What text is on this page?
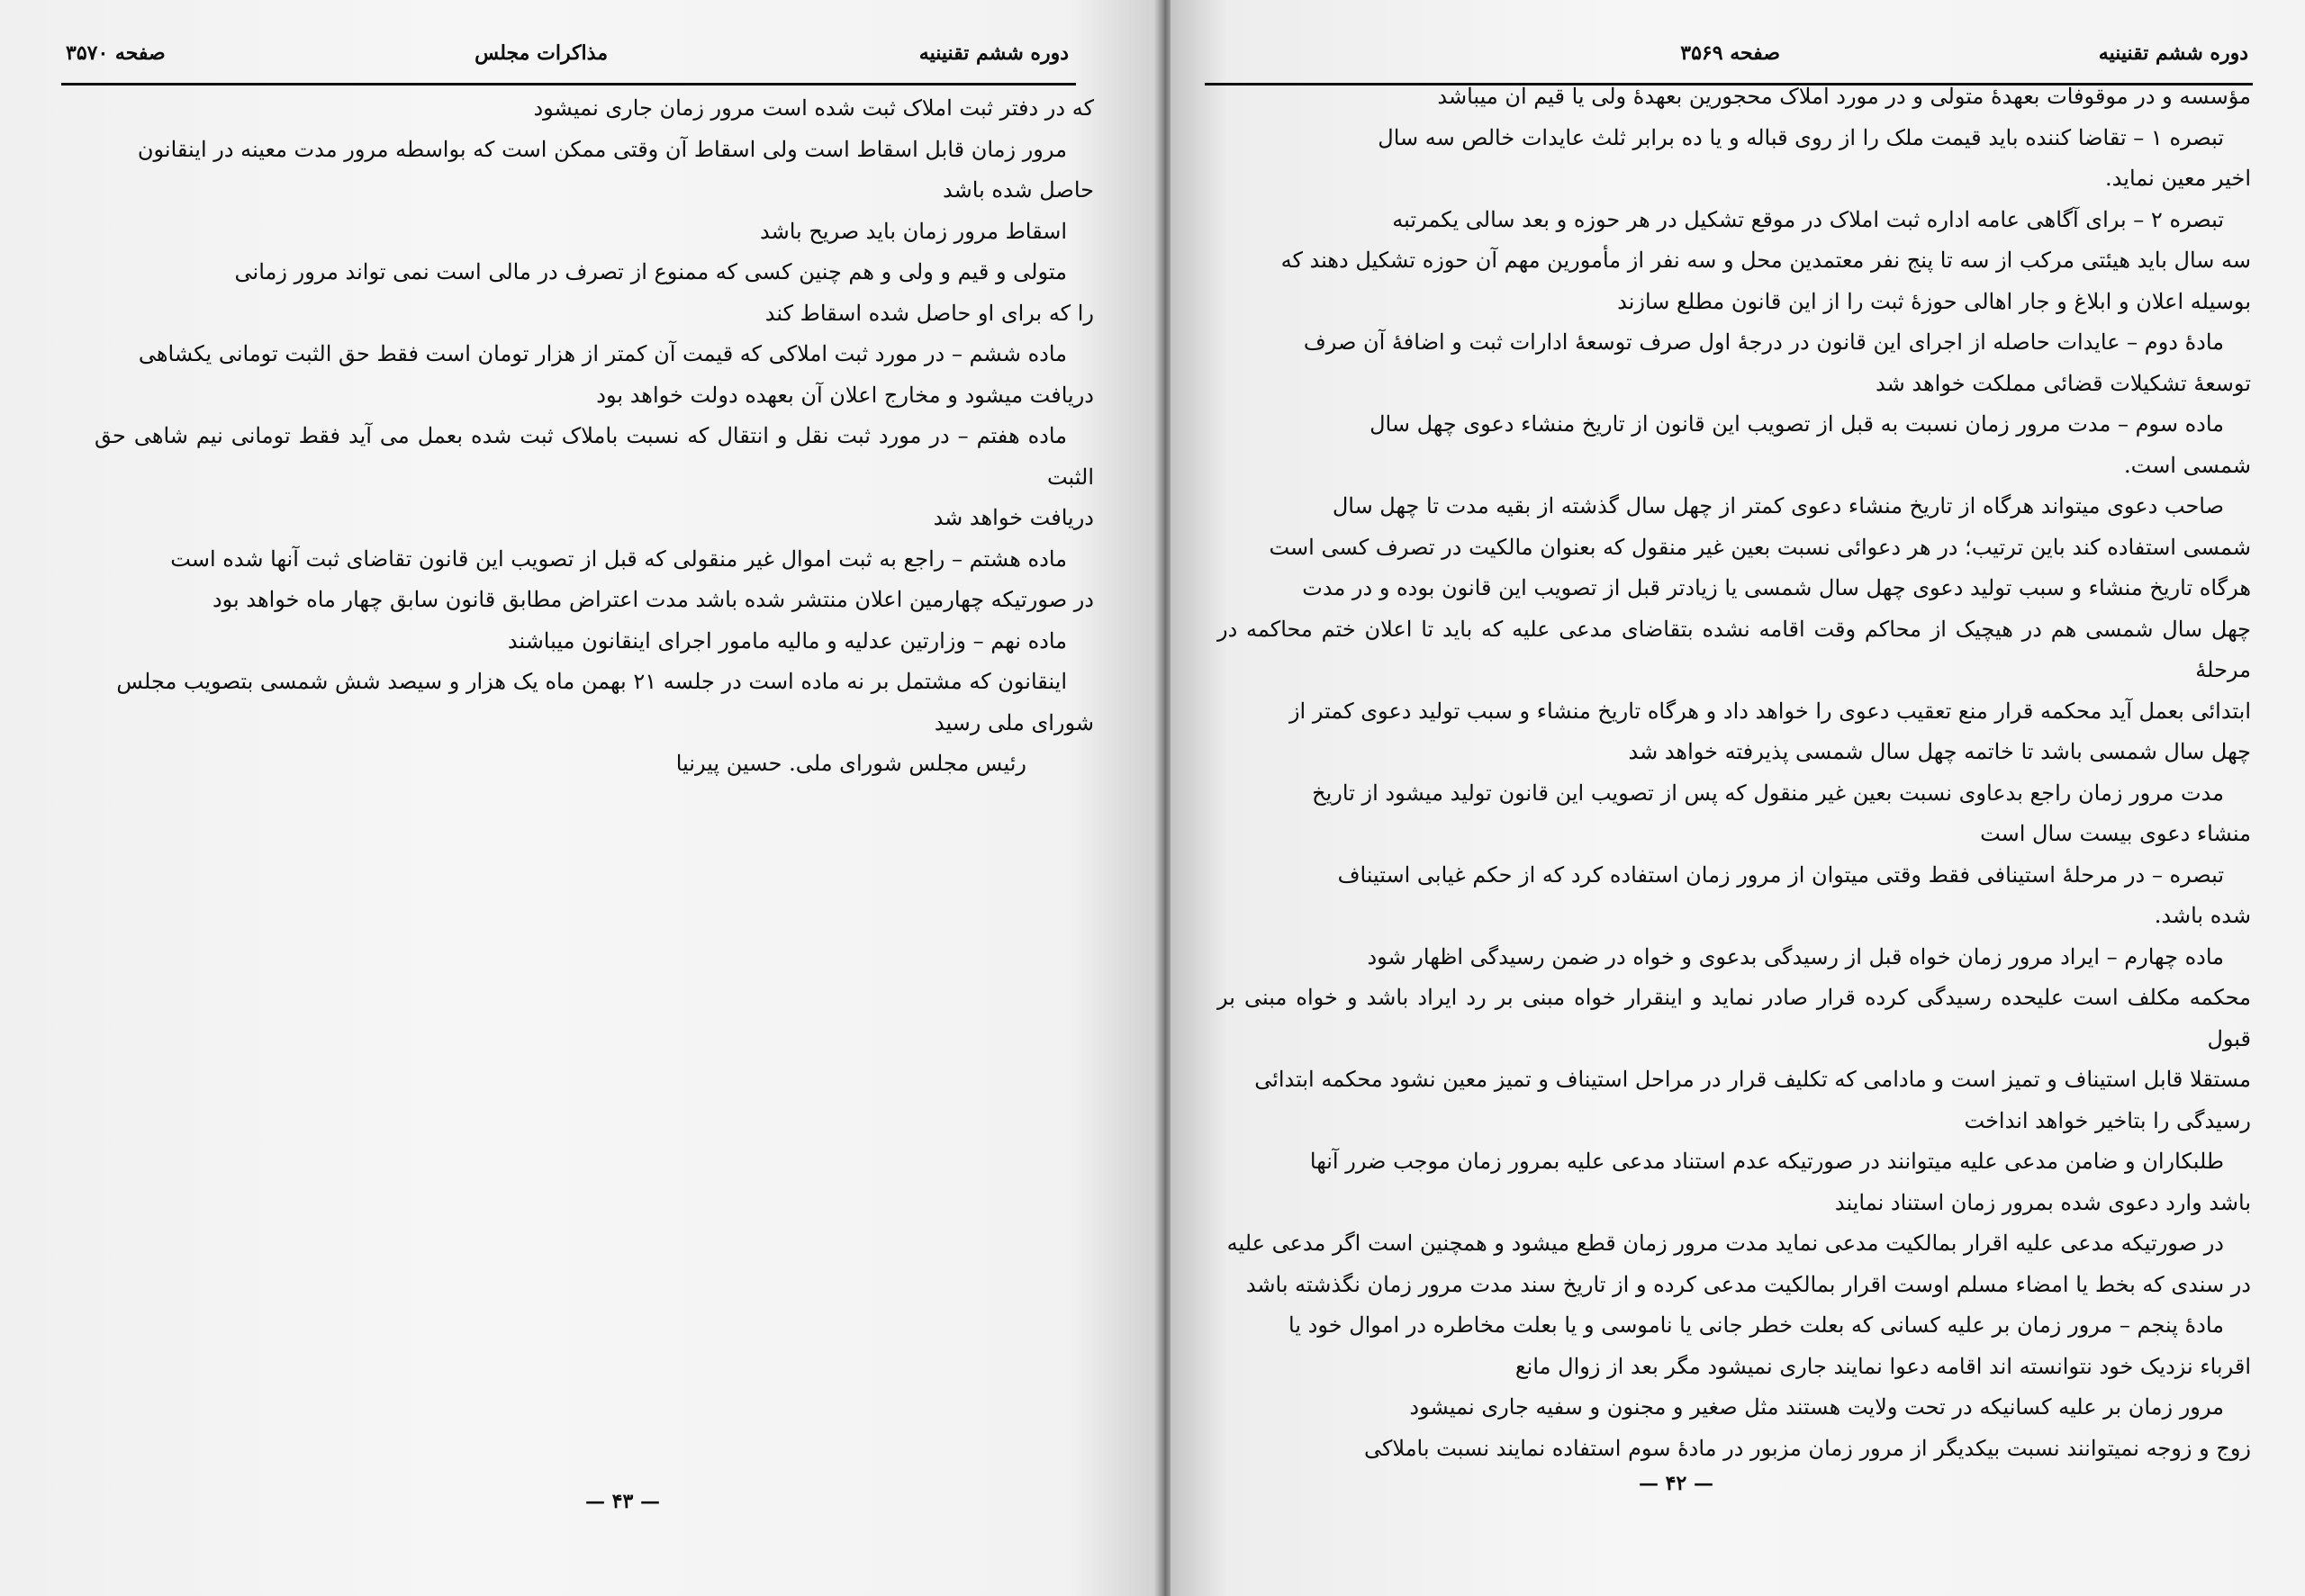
دوره ششم تقنینیه
مذاکرات مجلس
صفحه ۳۵۷۰

که در دفتر ثبت املاک ثبت شده است مرور زمان جاری نمیشود

مرور زمان قابل اسقاط است ولی اسقاط آن وقتی ممکن است که بواسطه مرور مدت معینه در اینقانون

حاصل شده باشد

اسقاط مرور زمان باید صریح باشد

متولی و قیم و ولی و هم چنین کسی که ممنوع از تصرف در مالی است نمی تواند مرور زمانی

را که برای او حاصل شده اسقاط کند

ماده ششم – در مورد ثبت املاکی که قیمت آن کمتر از هزار تومان است فقط حق الثبت تومانی یکشاهی

دریافت میشود و مخارج اعلان آن بعهده دولت خواهد بود

ماده هفتم – در مورد ثبت نقل و انتقال که نسبت باملاک ثبت شده بعمل می آید فقط تومانی نیم شاهی حق الثبت

دریافت خواهد شد

ماده هشتم – راجع به ثبت اموال غیر منقولی که قبل از تصویب این قانون تقاضای ثبت آنها شده است

در صورتیکه چهارمین اعلان منتشر شده باشد مدت اعتراض مطابق قانون سابق چهار ماه خواهد بود

ماده نهم – وزارتین عدلیه و مالیه مامور اجرای اینقانون میباشند

اینقانون که مشتمل بر نه ماده است در جلسه ۲۱ بهمن ماه یک هزار و سیصد شش شمسی بتصویب مجلس

شورای ملی رسید

رئیس مجلس شورای ملی. حسین پیرنیا

— ۴۳ —
دوره ششم تقنینیه
صفحه ۳۵۶۹

مؤسسه و در موقوفات بعهدهٔ متولی و در مورد املاک محجورین بعهدهٔ ولی یا قیم آن میباشد

تبصره ۱ – تقاضا کننده باید قیمت ملک را از روی قباله و یا ده برابر ثلث عایدات خالص سه سال

اخیر معین نماید.

تبصره ۲ – برای آگاهی عامه اداره ثبت املاک در موقع تشکیل در هر حوزه و بعد سالی یکمرتبه

سه سال باید هیئتی مرکب از سه تا پنج نفر معتمدین محل و سه نفر از مأمورین مهم آن حوزه تشکیل دهند که

بوسیله اعلان و ابلاغ و جار اهالی حوزهٔ ثبت را از این قانون مطلع سازند

مادهٔ دوم – عایدات حاصله از اجرای این قانون در درجهٔ اول صرف توسعهٔ ادارات ثبت و اضافهٔ آن صرف

توسعهٔ تشکیلات قضائی مملکت خواهد شد

ماده سوم – مدت مرور زمان نسبت به قبل از تصویب این قانون از تاریخ منشاء دعوی چهل سال

شمسی است.

صاحب دعوی میتواند هرگاه از تاریخ منشاء دعوی کمتر از چهل سال گذشته از بقیه مدت تا چهل سال

شمسی استفاده کند باین ترتیب؛ در هر دعوائی نسبت بعین غیر منقول که بعنوان مالکیت در تصرف کسی است

هرگاه تاریخ منشاء و سبب تولید دعوی چهل سال شمسی یا زیادتر قبل از تصویب این قانون بوده و در مدت

چهل سال شمسی هم در هیچیک از محاکم وقت اقامه نشده بتقاضای مدعی علیه که باید تا اعلان ختم محاکمه در مرحلهٔ

ابتدائی بعمل آید محکمه قرار منع تعقیب دعوی را خواهد داد و هرگاه تاریخ منشاء و سبب تولید دعوی کمتر از

چهل سال شمسی باشد تا خاتمه چهل سال شمسی پذیرفته خواهد شد

مدت مرور زمان راجع بدعاوی نسبت بعین غیر منقول که پس از تصویب این قانون تولید میشود از تاریخ

منشاء دعوی بیست سال است

تبصره – در مرحلهٔ استینافی فقط وقتی میتوان از مرور زمان استفاده کرد که از حکم غیابی استیناف

شده باشد.

ماده چهارم – ایراد مرور زمان خواه قبل از رسیدگی بدعوی و خواه در ضمن رسیدگی اظهار شود

محکمه مکلف است علیحده رسیدگی کرده قرار صادر نماید و اینقرار خواه مبنی بر رد ایراد باشد و خواه مبنی بر قبول

مستقلا قابل استیناف و تمیز است و مادامی که تکلیف قرار در مراحل استیناف و تمیز معین نشود محکمه ابتدائی

رسیدگی را بتاخیر خواهد انداخت

طلبکاران و ضامن مدعی علیه میتوانند در صورتیکه عدم استناد مدعی علیه بمرور زمان موجب ضرر آنها

باشد وارد دعوی شده بمرور زمان استناد نمایند

در صورتیکه مدعی علیه اقرار بمالکیت مدعی نماید مدت مرور زمان قطع میشود و همچنین است اگر مدعی علیه

در سندی که بخط یا امضاء مسلم اوست اقرار بمالکیت مدعی کرده و از تاریخ سند مدت مرور زمان نگذشته باشد

مادهٔ پنجم – مرور زمان بر علیه کسانی که بعلت خطر جانی یا ناموسی و یا بعلت مخاطره در اموال خود یا

اقرباء نزدیک خود نتوانسته اند اقامه دعوا نمایند جاری نمیشود مگر بعد از زوال مانع

مرور زمان بر علیه کسانیکه در تحت ولایت هستند مثل صغیر و مجنون و سفیه جاری نمیشود

زوج و زوجه نمیتوانند نسبت بیکدیگر از مرور زمان مزبور در مادهٔ سوم استفاده نمایند نسبت باملاکی

— ۴۲ —
